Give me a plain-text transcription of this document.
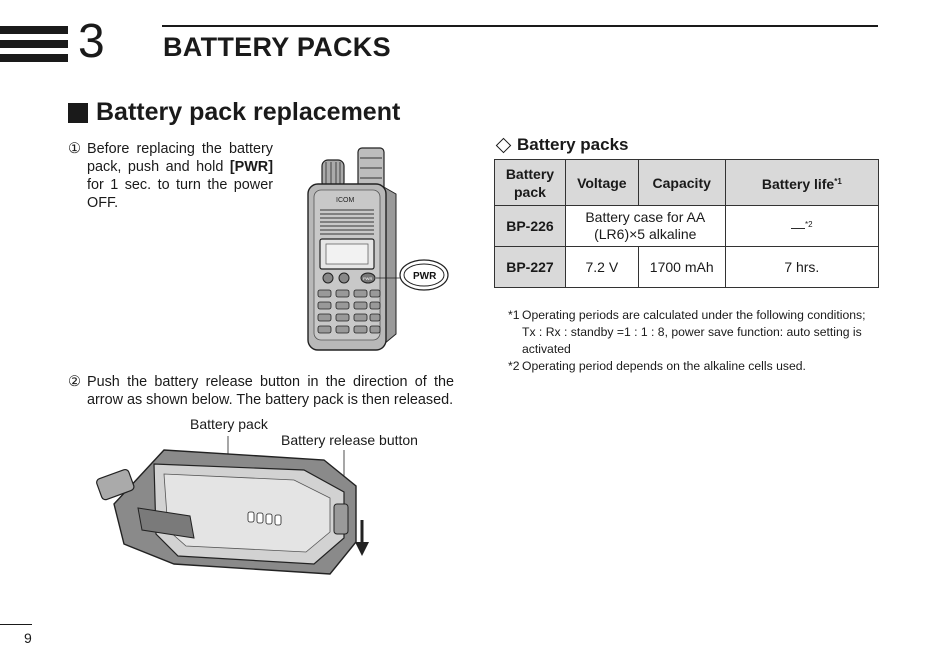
3 BATTERY PACKS
Battery pack replacement
① Before replacing the battery pack, push and hold [PWR] for 1 sec. to turn the power OFF.	ICOM
PWR	PWR
② Push the battery release button in the direction of the arrow as shown below. The battery pack is then released.
Battery pack
Battery release button
Battery packs
Battery pack	Voltage	Capacity	Battery life$^{*1}$
BP-226	Battery case for AA (LR6)×5 alkaline		—$^{*2}$
BP-227	7.2 V	1700 mAh	7 hrs.
*1 Operating periods are calculated under the following conditions; Tx : Rx : standby =1 : 1 : 8, power save function: auto setting is activated
*2 Operating period depends on the alkaline cells used.
9
